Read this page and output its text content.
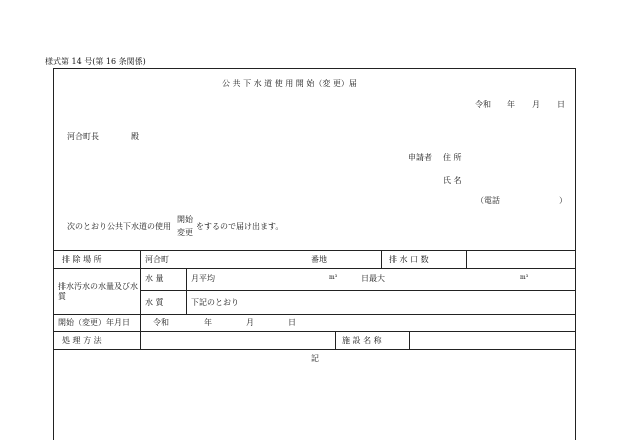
様式第 14 号(第 16 条関係)
公 共 下 水 道 使 用 開 始（変 更）届
令和 年 月 日
河合町長	殿
申請者 住 所
氏 名
（電話	）
次のとおり公共下水道の使用
開始
変更
をするので届け出ます。
排 除 場 所	河合町	番地	排 水 口 数
排水汚水の水量及び水質
水 量	月平均	m³	日最大	m³
水 質	下記のとおり
開始（変更）年月日	令和	年	月	日
処 理 方 法	施 設 名 称
記
